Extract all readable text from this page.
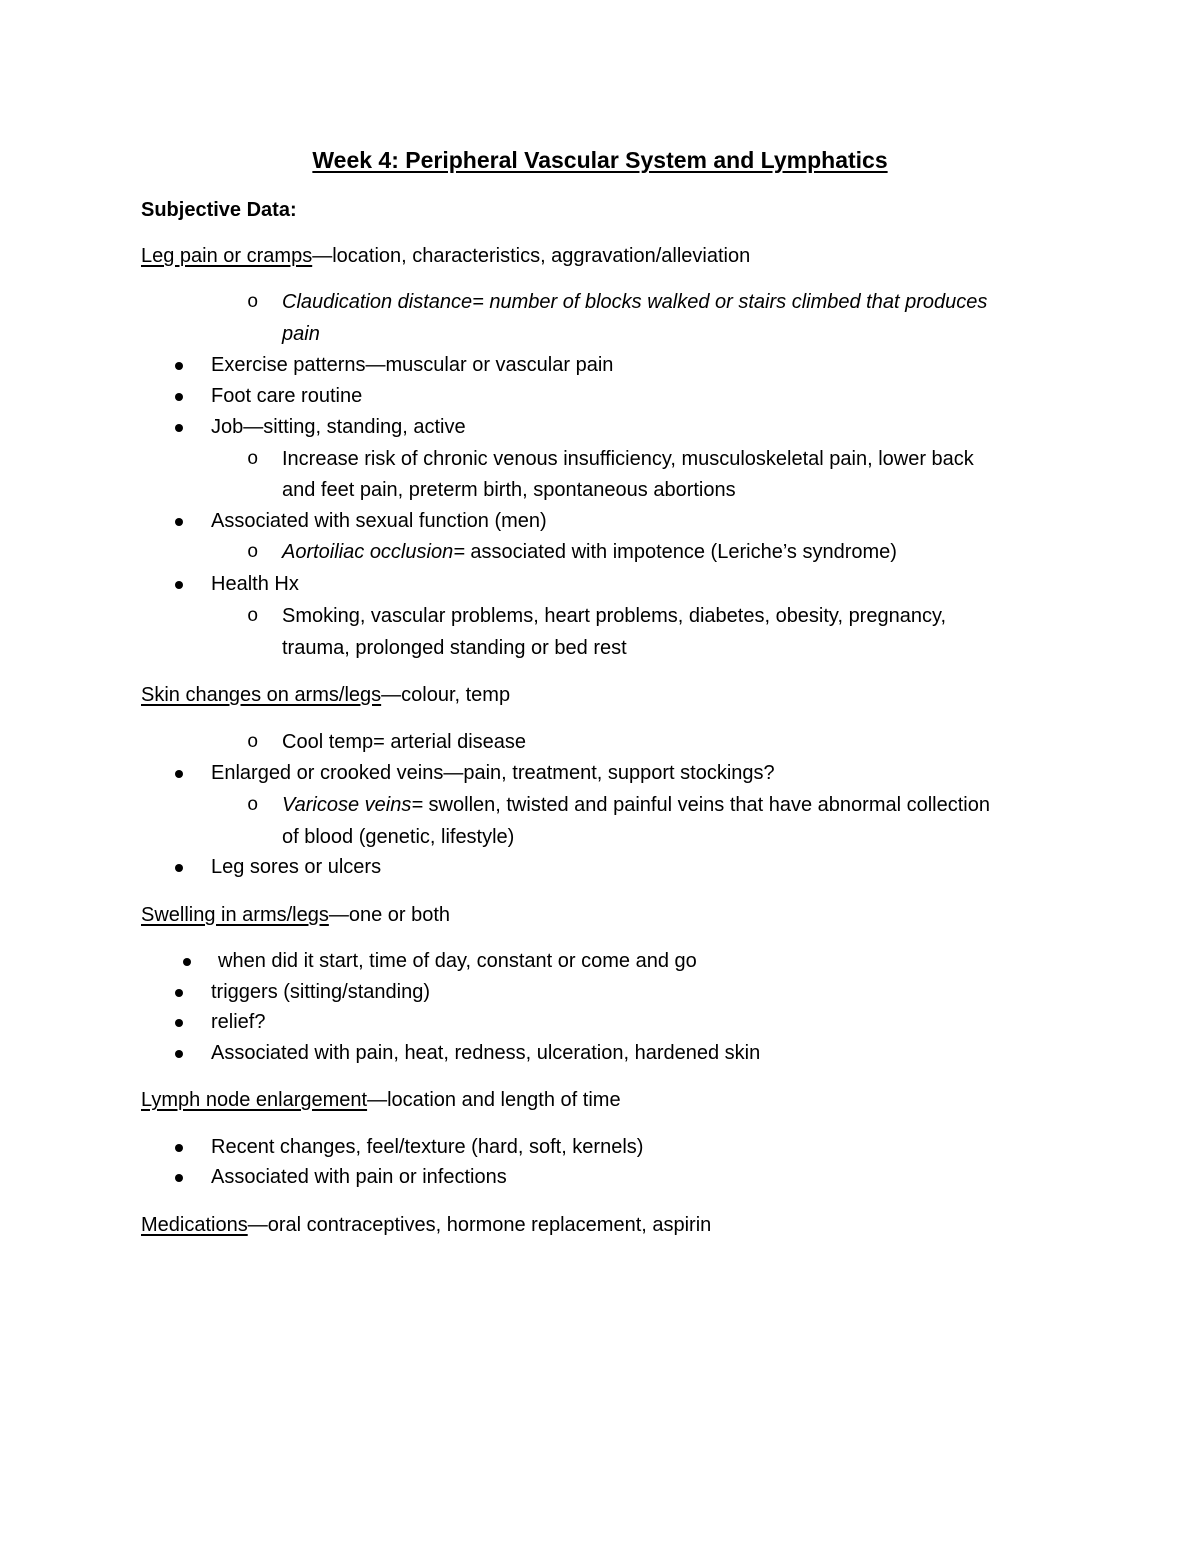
Week 4: Peripheral Vascular System and Lymphatics
Subjective Data:
Leg pain or cramps—location, characteristics, aggravation/alleviation
o Claudication distance= number of blocks walked or stairs climbed that produces
pain
Exercise patterns—muscular or vascular pain
Foot care routine
Job—sitting, standing, active
o Increase risk of chronic venous insufficiency, musculoskeletal pain, lower back
and feet pain, preterm birth, spontaneous abortions
Associated with sexual function (men)
o Aortoiliac occlusion= associated with impotence (Leriche’s syndrome)
Health Hx
o Smoking, vascular problems, heart problems, diabetes, obesity, pregnancy,
trauma, prolonged standing or bed rest
Skin changes on arms/legs—colour, temp
o Cool temp= arterial disease
Enlarged or crooked veins—pain, treatment, support stockings?
o Varicose veins= swollen, twisted and painful veins that have abnormal collection
of blood (genetic, lifestyle)
Leg sores or ulcers
Swelling in arms/legs—one or both
when did it start, time of day, constant or come and go
triggers (sitting/standing)
relief?
Associated with pain, heat, redness, ulceration, hardened skin
Lymph node enlargement—location and length of time
Recent changes, feel/texture (hard, soft, kernels)
Associated with pain or infections
Medications—oral contraceptives, hormone replacement, aspirin
